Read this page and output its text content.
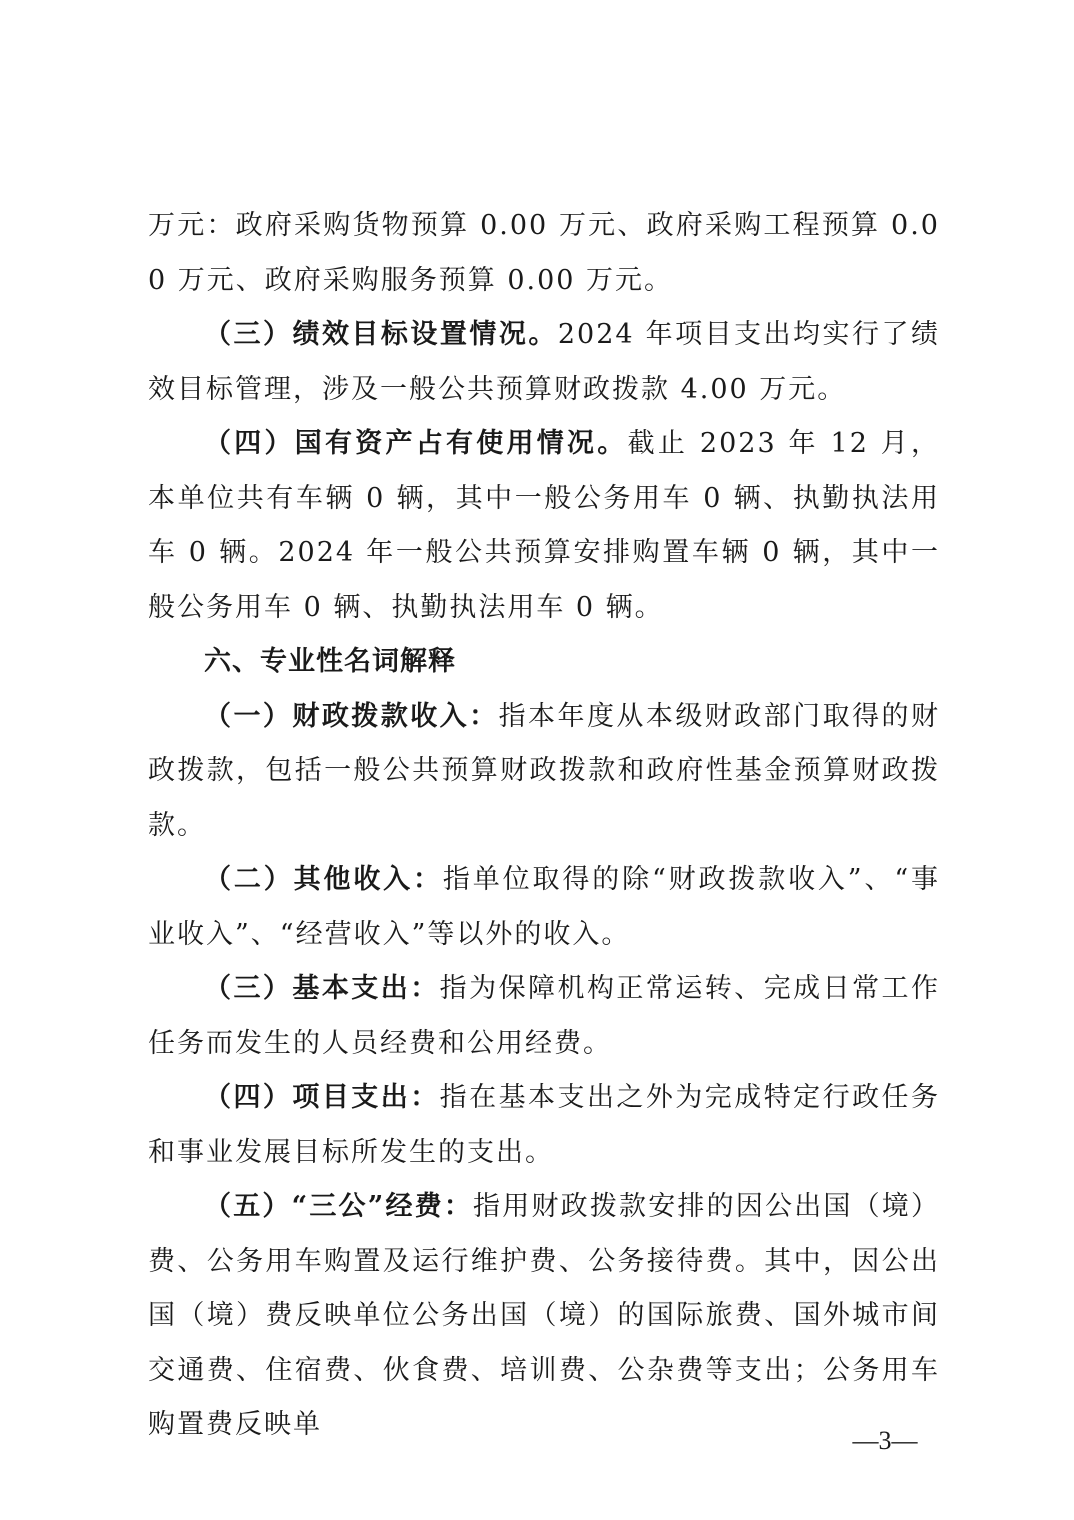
万元：政府采购货物预算 0.00 万元、政府采购工程预算 0.00 万元、政府采购服务预算 0.00 万元。

（三）绩效目标设置情况。2024 年项目支出均实行了绩效目标管理，涉及一般公共预算财政拨款 4.00 万元。

（四）国有资产占有使用情况。截止 2023 年 12 月，本单位共有车辆 0 辆，其中一般公务用车 0 辆、执勤执法用车 0 辆。2024 年一般公共预算安排购置车辆 0 辆，其中一般公务用车 0 辆、执勤执法用车 0 辆。

六、专业性名词解释

（一）财政拨款收入：指本年度从本级财政部门取得的财政拨款，包括一般公共预算财政拨款和政府性基金预算财政拨款。

（二）其他收入：指单位取得的除“财政拨款收入”、“事业收入”、“经营收入”等以外的收入。

（三）基本支出：指为保障机构正常运转、完成日常工作任务而发生的人员经费和公用经费。

（四）项目支出：指在基本支出之外为完成特定行政任务和事业发展目标所发生的支出。

（五）“三公”经费：指用财政拨款安排的因公出国（境）费、公务用车购置及运行维护费、公务接待费。其中，因公出国（境）费反映单位公务出国（境）的国际旅费、国外城市间交通费、住宿费、伙食费、培训费、公杂费等支出；公务用车购置费反映单

—3—
